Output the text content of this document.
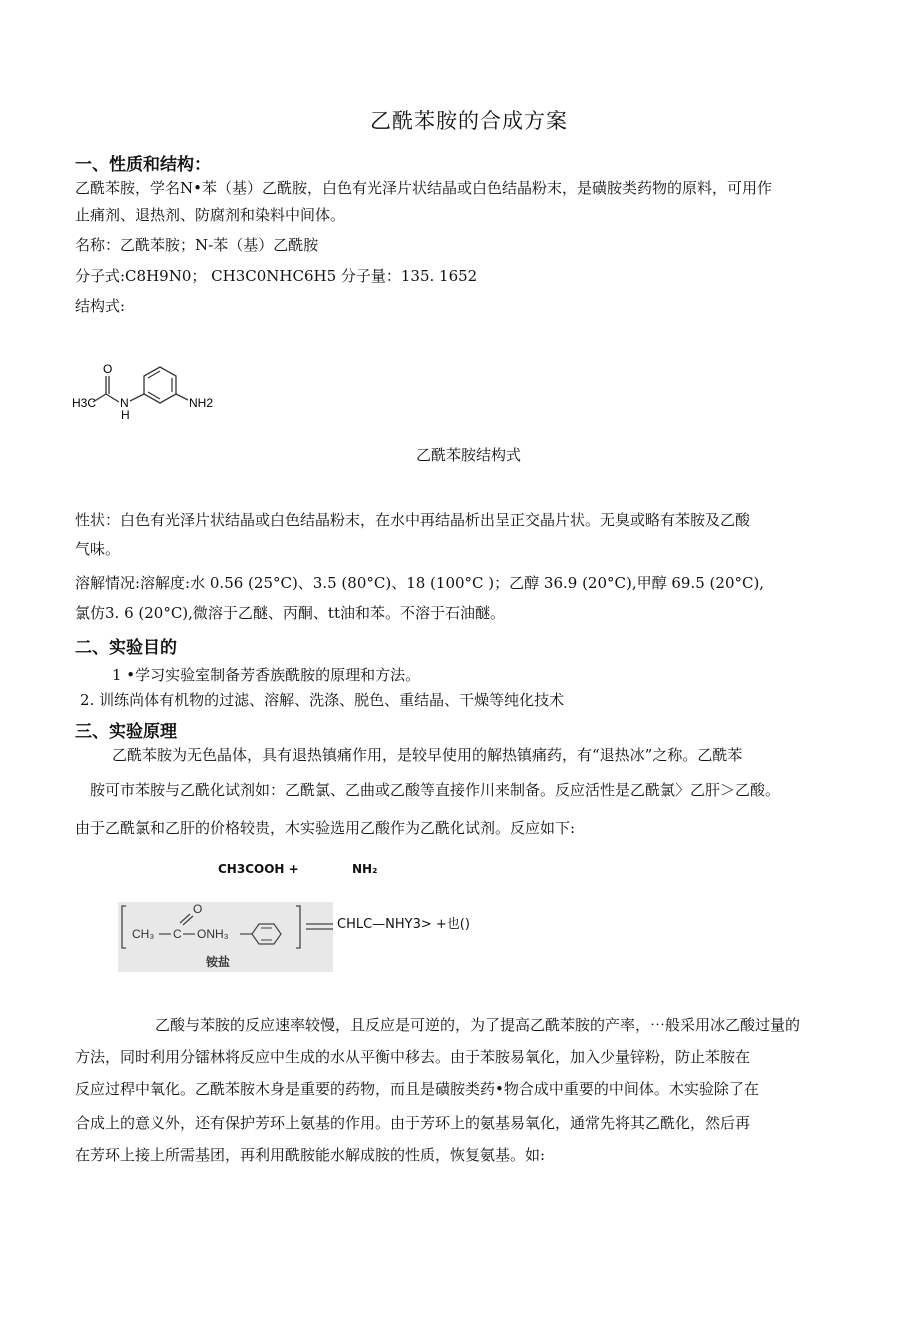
乙酰苯胺的合成方案
一、性质和结构：
乙酰苯胺，学名N•苯（基）乙酰胺，白色有光泽片状结晶或白色结晶粉末，是磺胺类药物的原料，可用作
止痛剂、退热剂、防腐剂和染料中间体。
名称：乙酰苯胺；N-苯（基）乙酰胺
分子式:C8H9N0； CH3C0NHC6H5 分子量：135. 1652
结构式:
H3C
O
N
H
NH2
乙酰苯胺结构式
性状：白色有光泽片状结晶或白色结晶粉末，在水中再结晶析出呈正交晶片状。无臭或略有苯胺及乙酸
气味。
溶解情况:溶解度:水 0.56 (25°C)、3.5 (80°C)、18 (100°C )；乙醇 36.9 (20°C),甲醇 69.5 (20°C),
氯仿3. 6 (20°C),微溶于乙醚、丙酮、tt油和苯。不溶于石油醚。
二、实验目的
1 •学习实验室制备芳香族酰胺的原理和方法。
2. 训练尚体有机物的过滤、溶解、洗涤、脱色、重结晶、干燥等纯化技术
三、实验原理
乙酰苯胺为无色晶体，具有退热镇痛作用，是较早使用的解热镇痛药，有“退热冰”之称。乙酰苯
胺可市苯胺与乙酰化试剂如：乙酰氯、乙曲或乙酸等直接作川来制备。反应活性是乙酰氯〉乙肝＞乙酸。
由于乙酰氯和乙肝的价格较贵，木实验选用乙酸作为乙酰化试剂。反应如下:
CH3COOH +	NH₂
CH₃ C
O
ONH₃
铵盐
CHLC—NHY3> +也()
乙酸与苯胺的反应速率较慢，且反应是可逆的，为了提高乙酰苯胺的产率，⋯般采用冰乙酸过量的
方法，同时利用分镭林将反应中生成的水从平衡中移去。由于苯胺易氧化，加入少量锌粉，防止苯胺在
反应过稈中氧化。乙酰苯胺木身是重要的药物，而且是磺胺类药•物合成中重要的中间体。木实验除了在
合成上的意义外，还有保护芳环上氨基的作用。由于芳环上的氨基易氧化，通常先将其乙酰化，然后再
在芳环上接上所需基团，再利用酰胺能水解成胺的性质，恢复氨基。如:
